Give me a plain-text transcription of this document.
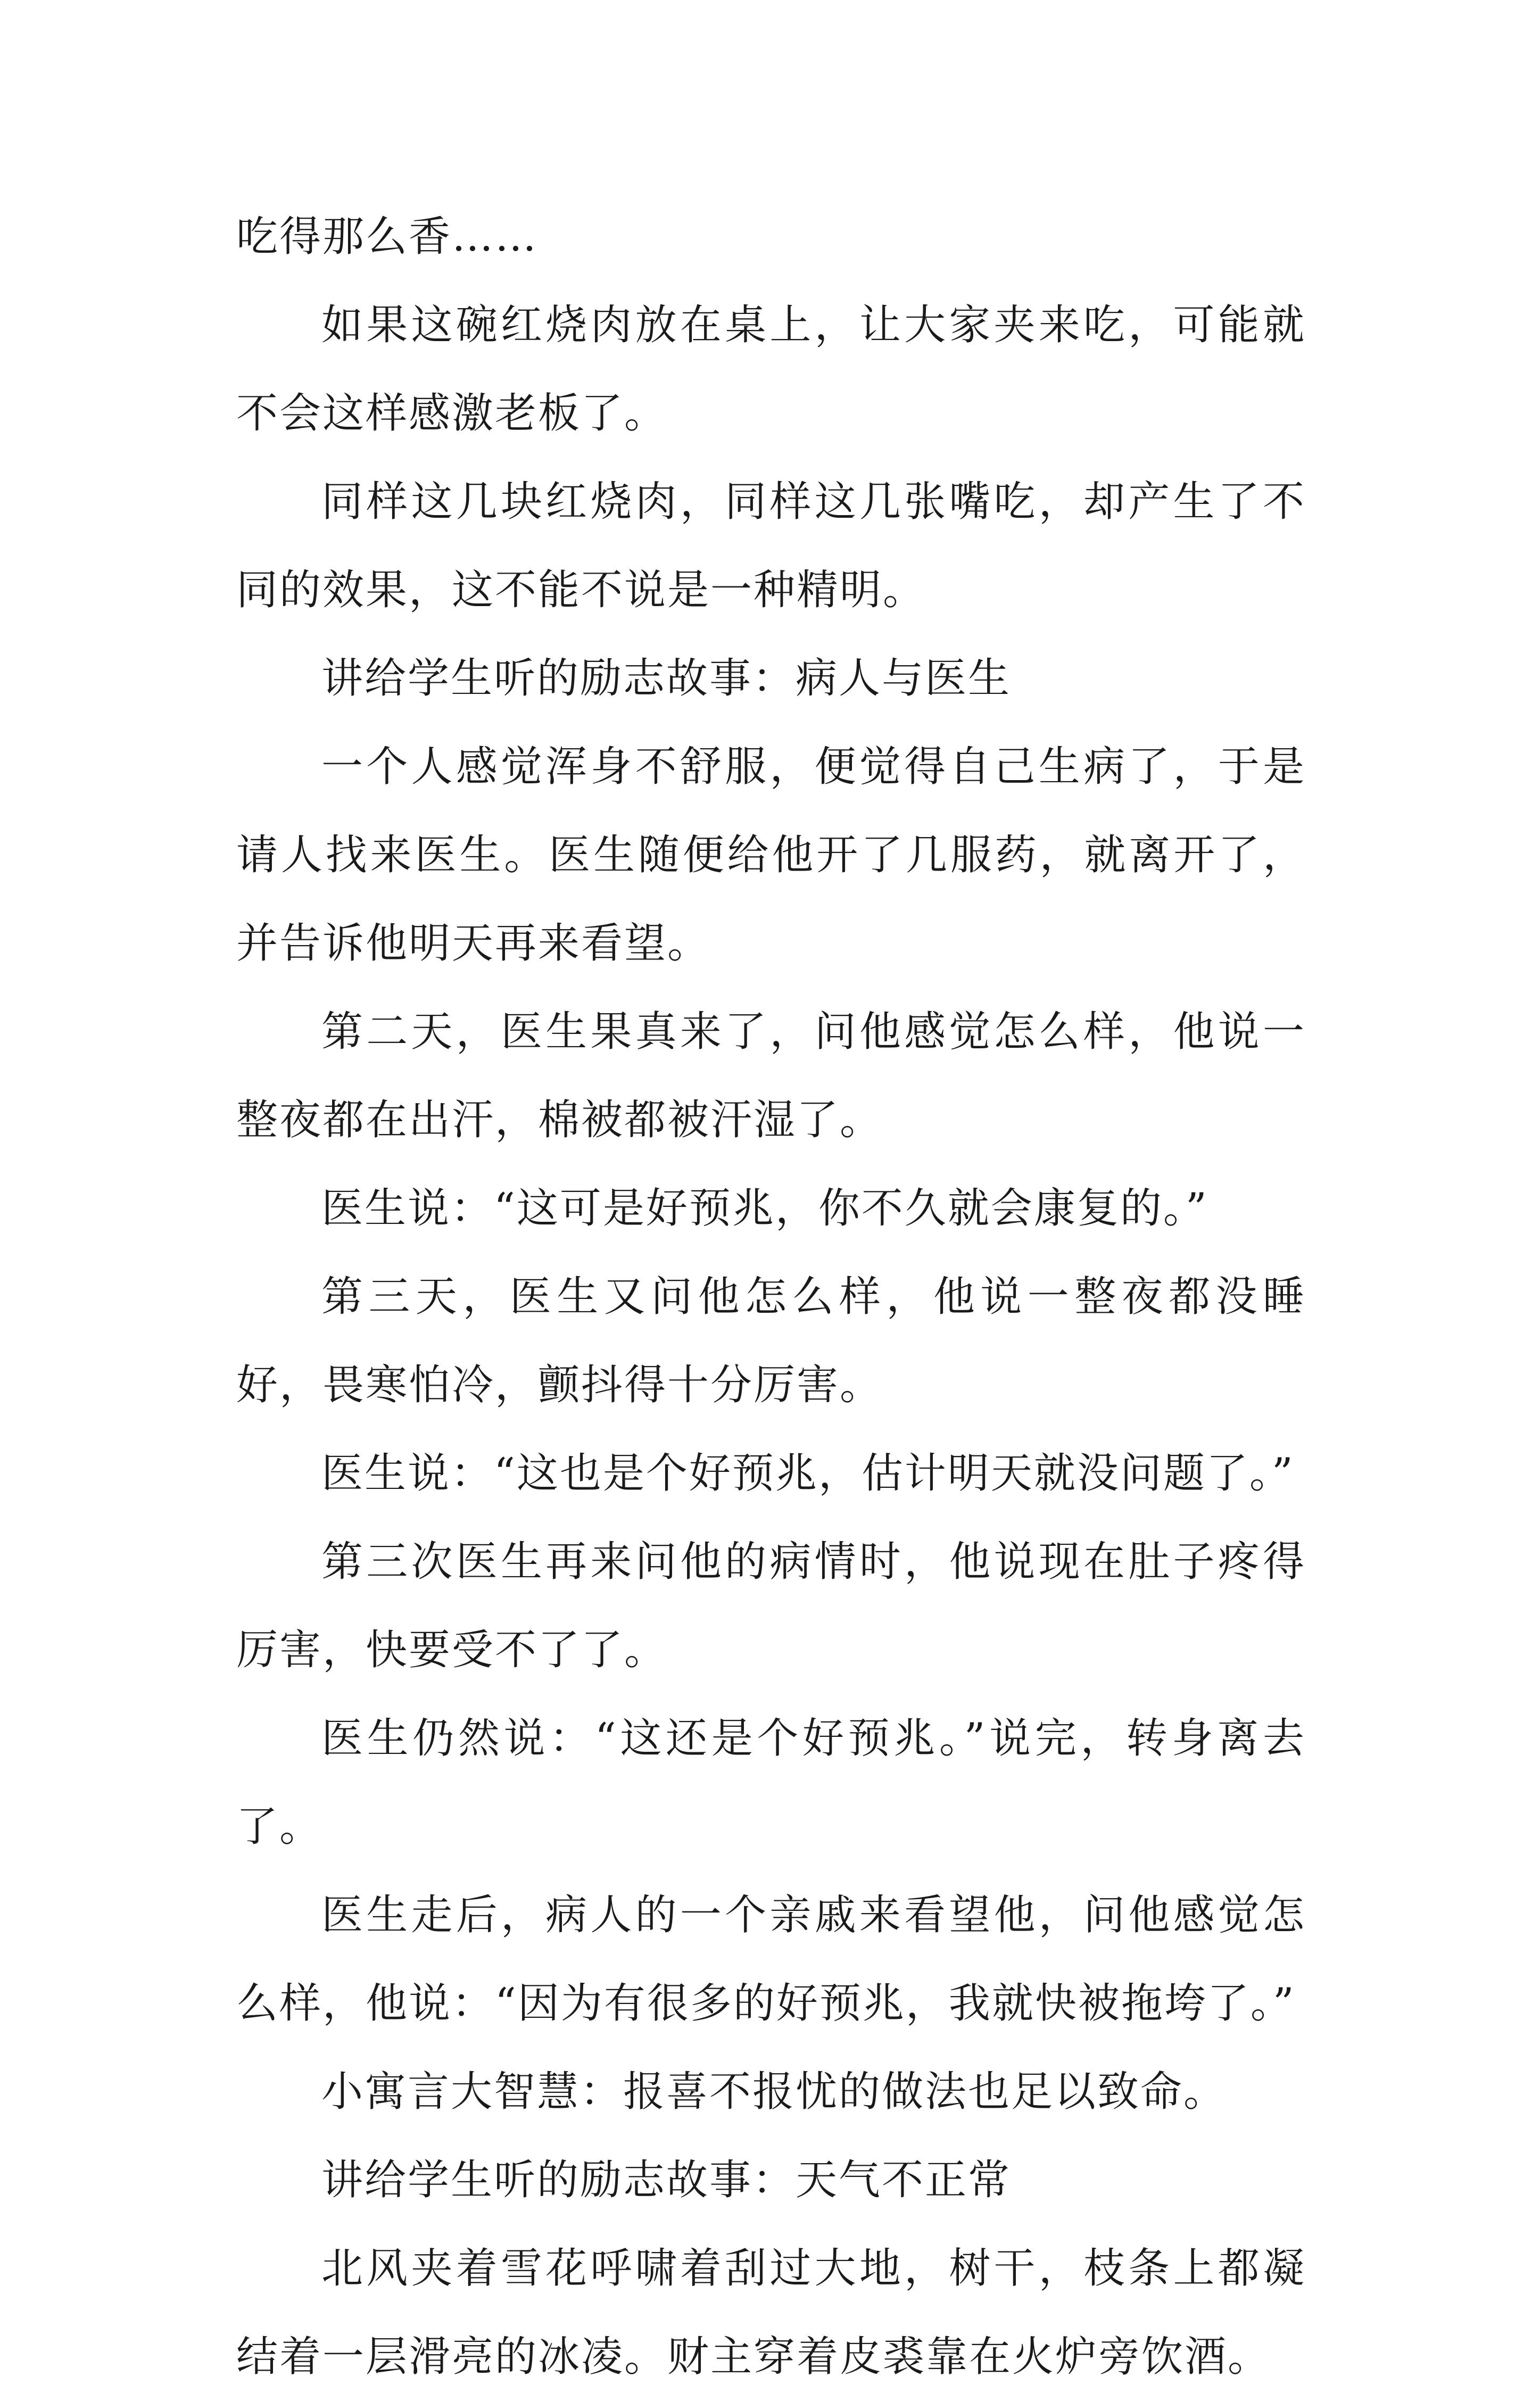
吃得那么香……

如果这碗红烧肉放在桌上，让大家夹来吃，可能就不会这样感激老板了。

同样这几块红烧肉，同样这几张嘴吃，却产生了不同的效果，这不能不说是一种精明。

讲给学生听的励志故事：病人与医生

一个人感觉浑身不舒服，便觉得自己生病了，于是请人找来医生。医生随便给他开了几服药，就离开了，并告诉他明天再来看望。

第二天，医生果真来了，问他感觉怎么样，他说一整夜都在出汗，棉被都被汗湿了。

医生说：“这可是好预兆，你不久就会康复的。”

第三天，医生又问他怎么样，他说一整夜都没睡好，畏寒怕冷，颤抖得十分厉害。

医生说：“这也是个好预兆，估计明天就没问题了。”

第三次医生再来问他的病情时，他说现在肚子疼得厉害，快要受不了了。

医生仍然说：“这还是个好预兆。”说完，转身离去了。

医生走后，病人的一个亲戚来看望他，问他感觉怎么样，他说：“因为有很多的好预兆，我就快被拖垮了。”

小寓言大智慧：报喜不报忧的做法也足以致命。

讲给学生听的励志故事：天气不正常

北风夹着雪花呼啸着刮过大地，树干，枝条上都凝结着一层滑亮的冰凌。财主穿着皮裘靠在火炉旁饮酒。
